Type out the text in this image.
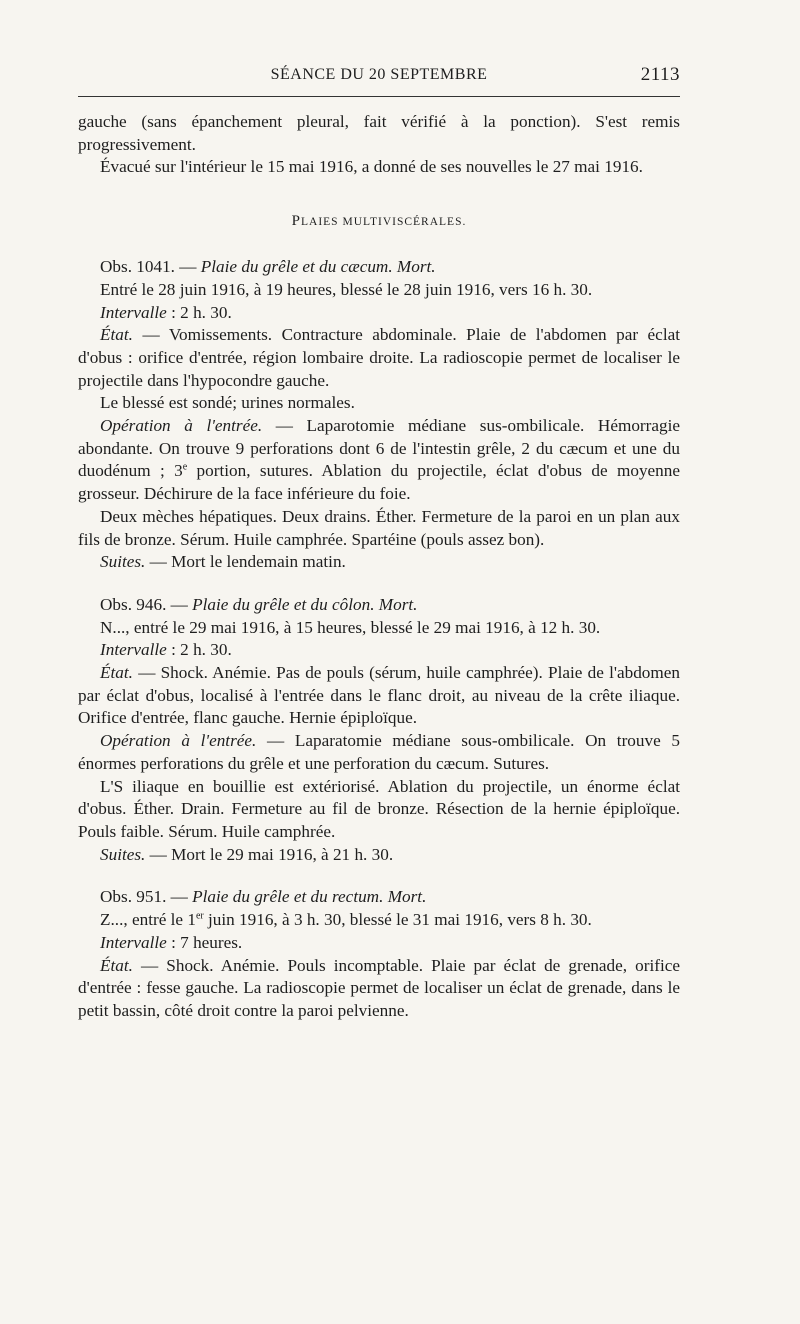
SÉANCE DU 20 SEPTEMBRE	2113

gauche (sans épanchement pleural, fait vérifié à la ponction). S'est remis progressivement.

Évacué sur l'intérieur le 15 mai 1916, a donné de ses nouvelles le 27 mai 1916.

PLAIES MULTIVISCÉRALES.

Obs. 1041. — Plaie du grêle et du cæcum. Mort.

Entré le 28 juin 1916, à 19 heures, blessé le 28 juin 1916, vers 16 h. 30.

Intervalle : 2 h. 30.

État. — Vomissements. Contracture abdominale. Plaie de l'abdomen par éclat d'obus : orifice d'entrée, région lombaire droite. La radioscopie permet de localiser le projectile dans l'hypocondre gauche.

Le blessé est sondé; urines normales.

Opération à l'entrée. — Laparotomie médiane sus-ombilicale. Hémorragie abondante. On trouve 9 perforations dont 6 de l'intestin grêle, 2 du cæcum et une du duodénum ; 3e portion, sutures. Ablation du projectile, éclat d'obus de moyenne grosseur. Déchirure de la face inférieure du foie.

Deux mèches hépatiques. Deux drains. Éther. Fermeture de la paroi en un plan aux fils de bronze. Sérum. Huile camphrée. Spartéine (pouls assez bon).

Suites. — Mort le lendemain matin.

Obs. 946. — Plaie du grêle et du côlon. Mort.

N..., entré le 29 mai 1916, à 15 heures, blessé le 29 mai 1916, à 12 h. 30.

Intervalle : 2 h. 30.

État. — Shock. Anémie. Pas de pouls (sérum, huile camphrée). Plaie de l'abdomen par éclat d'obus, localisé à l'entrée dans le flanc droit, au niveau de la crête iliaque. Orifice d'entrée, flanc gauche. Hernie épiploïque.

Opération à l'entrée. — Laparatomie médiane sous-ombilicale. On trouve 5 énormes perforations du grêle et une perforation du cæcum. Sutures.

L'S iliaque en bouillie est extériorisé. Ablation du projectile, un énorme éclat d'obus. Éther. Drain. Fermeture au fil de bronze. Résection de la hernie épiploïque. Pouls faible. Sérum. Huile camphrée.

Suites. — Mort le 29 mai 1916, à 21 h. 30.

Obs. 951. — Plaie du grêle et du rectum. Mort.

Z..., entré le 1er juin 1916, à 3 h. 30, blessé le 31 mai 1916, vers 8 h. 30.

Intervalle : 7 heures.

État. — Shock. Anémie. Pouls incomptable. Plaie par éclat de grenade, orifice d'entrée : fesse gauche. La radioscopie permet de localiser un éclat de grenade, dans le petit bassin, côté droit contre la paroi pelvienne.
